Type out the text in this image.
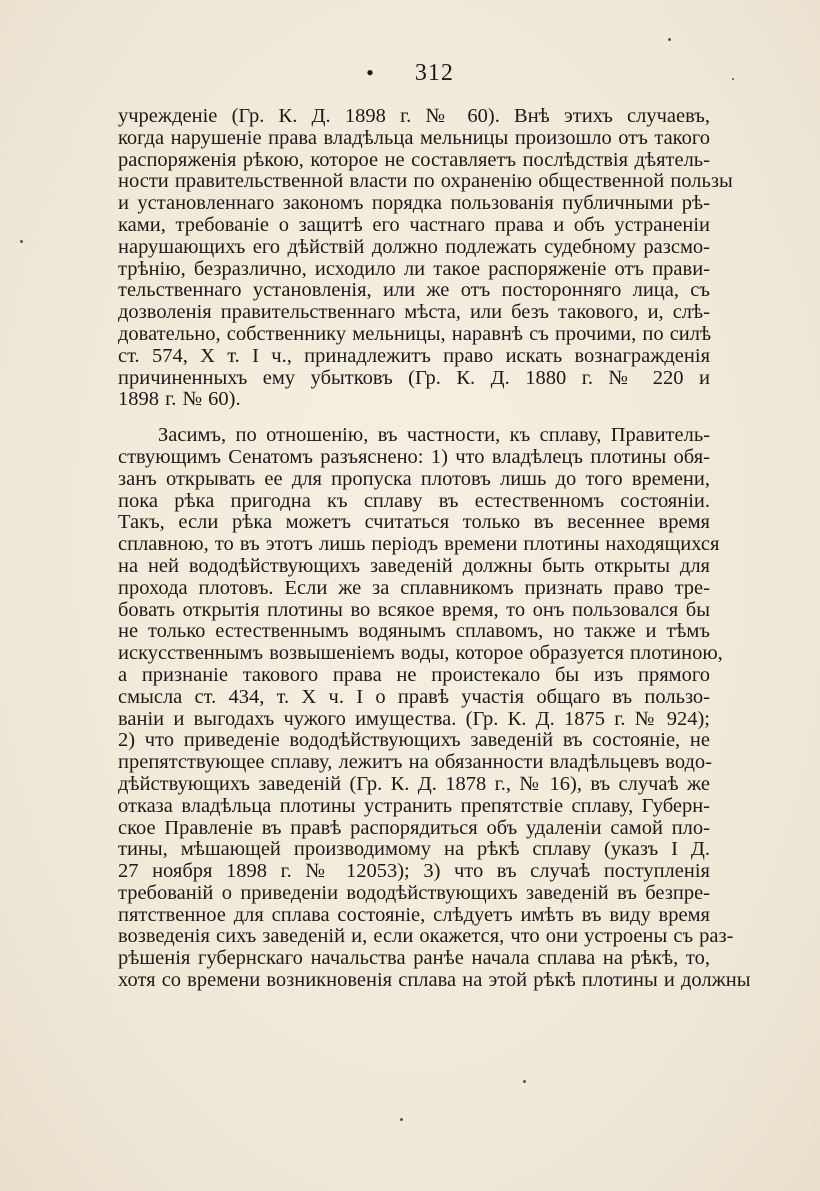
• 312
учрежденіе (Гр. К. Д. 1898 г. № 60). Внѣ этихъ случаевъ,
когда нарушеніе права владѣльца мельницы произошло отъ такого
распоряженія рѣкою, которое не составляетъ послѣдствія дѣятель-
ности правительственной власти по охраненію общественной пользы
и установленнаго закономъ порядка пользованія публичными рѣ-
ками, требованіе о защитѣ его частнаго права и объ устраненіи
нарушающихъ его дѣйствій должно подлежать судебному разсмо-
трѣнію, безразлично, исходило ли такое распоряженіе отъ прави-
тельственнаго установленія, или же отъ посторонняго лица, съ
дозволенія правительственнаго мѣста, или безъ такового, и, слѣ-
довательно, собственнику мельницы, наравнѣ съ прочими, по силѣ
ст. 574, X т. I ч., принадлежитъ право искать вознагражденія
причиненныхъ ему убытковъ (Гр. К. Д. 1880 г. № 220 и
1898 г. № 60).
Засимъ, по отношенію, въ частности, къ сплаву, Правитель-
ствующимъ Сенатомъ разъяснено: 1) что владѣлецъ плотины обя-
занъ открывать ее для пропуска плотовъ лишь до того времени,
пока рѣка пригодна къ сплаву въ естественномъ состояніи.
Такъ, если рѣка можетъ считаться только въ весеннее время
сплавною, то въ этотъ лишь періодъ времени плотины находящихся
на ней вододѣйствующихъ заведеній должны быть открыты для
прохода плотовъ. Если же за сплавникомъ признать право тре-
бовать открытія плотины во всякое время, то онъ пользовался бы
не только естественнымъ водянымъ сплавомъ, но также и тѣмъ
искусственнымъ возвышеніемъ воды, которое образуется плотиною,
а признаніе такового права не проистекало бы изъ прямого
смысла ст. 434, т. X ч. I о правѣ участія общаго въ пользо-
ваніи и выгодахъ чужого имущества. (Гр. К. Д. 1875 г. № 924);
2) что приведеніе вододѣйствующихъ заведеній въ состояніе, не
препятствующее сплаву, лежитъ на обязанности владѣльцевъ водо-
дѣйствующихъ заведеній (Гр. К. Д. 1878 г., № 16), въ случаѣ же
отказа владѣльца плотины устранить препятствіе сплаву, Губерн-
ское Правленіе въ правѣ распорядиться объ удаленіи самой пло-
тины, мѣшающей производимому на рѣкѣ сплаву (указъ I Д.
27 ноября 1898 г. № 12053); 3) что въ случаѣ поступленія
требованій о приведеніи вододѣйствующихъ заведеній въ безпре-
пятственное для сплава состояніе, слѣдуетъ имѣть въ виду время
возведенія сихъ заведеній и, если окажется, что они устроены съ раз-
рѣшенія губернскаго начальства ранѣе начала сплава на рѣкѣ, то,
хотя со времени возникновенія сплава на этой рѣкѣ плотины и должны
